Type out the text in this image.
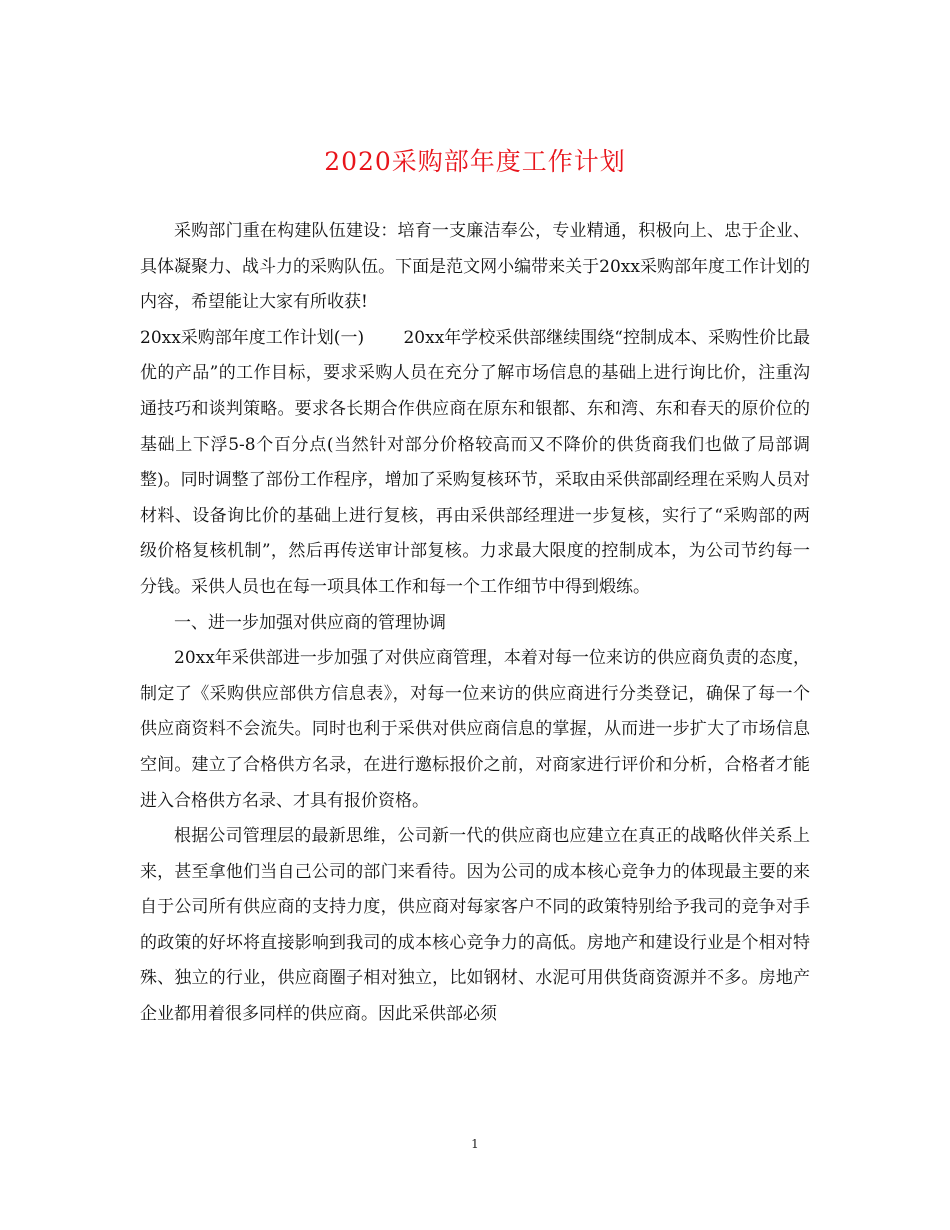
2020采购部年度工作计划

采购部门重在构建队伍建设：培育一支廉洁奉公，专业精通，积极向上、忠于企业、具体凝聚力、战斗力的采购队伍。下面是范文网小编带来关于20xx采购部年度工作计划的内容，希望能让大家有所收获!

20xx采购部年度工作计划(一)　　 20xx年学校采供部继续围绕“控制成本、采购性价比最优的产品”的工作目标，要求采购人员在充分了解市场信息的基础上进行询比价，注重沟通技巧和谈判策略。要求各长期合作供应商在原东和银都、东和湾、东和春天的原价位的基础上下浮5-8个百分点(当然针对部分价格较高而又不降价的供货商我们也做了局部调整)。同时调整了部份工作程序，增加了采购复核环节，采取由采供部副经理在采购人员对材料、设备询比价的基础上进行复核，再由采供部经理进一步复核，实行了“采购部的两级价格复核机制”，然后再传送审计部复核。力求最大限度的控制成本，为公司节约每一分钱。采供人员也在每一项具体工作和每一个工作细节中得到煅练。

一、进一步加强对供应商的管理协调

20xx年采供部进一步加强了对供应商管理，本着对每一位来访的供应商负责的态度，制定了《采购供应部供方信息表》，对每一位来访的供应商进行分类登记，确保了每一个供应商资料不会流失。同时也利于采供对供应商信息的掌握，从而进一步扩大了市场信息空间。建立了合格供方名录，在进行邀标报价之前，对商家进行评价和分析，合格者才能进入合格供方名录、才具有报价资格。

根据公司管理层的最新思维，公司新一代的供应商也应建立在真正的战略伙伴关系上来，甚至拿他们当自己公司的部门来看待。因为公司的成本核心竞争力的体现最主要的来自于公司所有供应商的支持力度，供应商对每家客户不同的政策特别给予我司的竞争对手的政策的好坏将直接影响到我司的成本核心竞争力的高低。房地产和建设行业是个相对特殊、独立的行业，供应商圈子相对独立，比如钢材、水泥可用供货商资源并不多。房地产企业都用着很多同样的供应商。因此采供部必须

1
